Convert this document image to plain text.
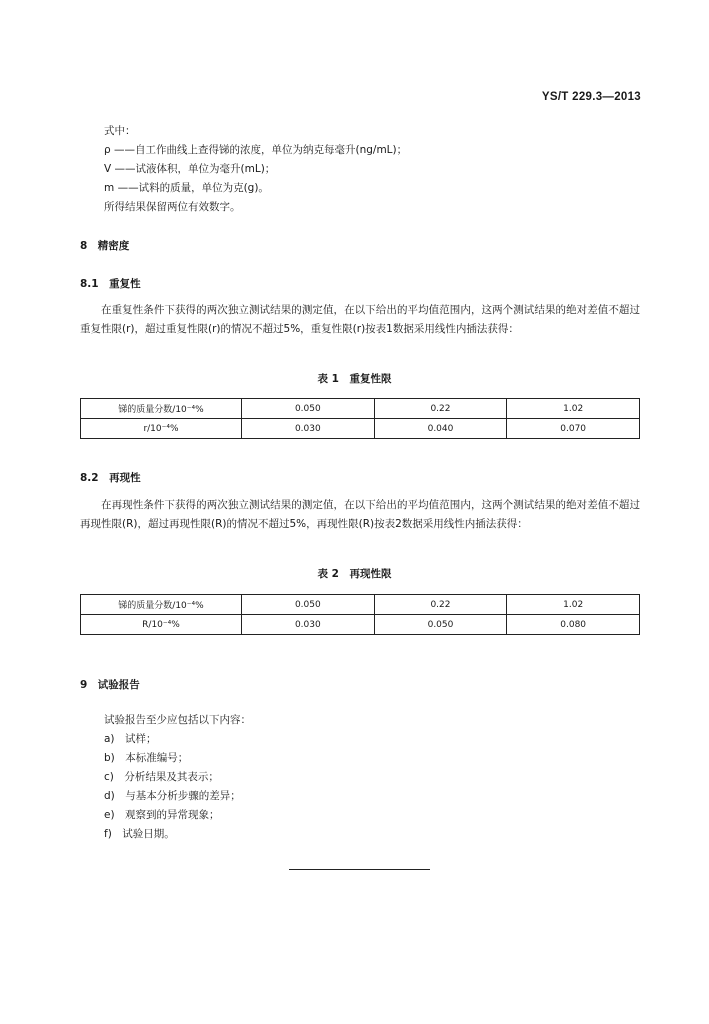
YS/T 229.3—2013
式中：
ρ ——自工作曲线上查得锑的浓度，单位为纳克每毫升(ng/mL)；
V ——试液体积，单位为毫升(mL)；
m ——试料的质量，单位为克(g)。
所得结果保留两位有效数字。
8　精密度
8.1　重复性
在重复性条件下获得的两次独立测试结果的测定值，在以下给出的平均值范围内，这两个测试结果的绝对差值不超过重复性限(r)，超过重复性限(r)的情况不超过5%，重复性限(r)按表1数据采用线性内插法获得：
表 1　重复性限
锑的质量分数/10⁻⁴%	0.050	0.22	1.02
r/10⁻⁴%	0.030	0.040	0.070
8.2　再现性
在再现性条件下获得的两次独立测试结果的测定值，在以下给出的平均值范围内，这两个测试结果的绝对差值不超过再现性限(R)，超过再现性限(R)的情况不超过5%，再现性限(R)按表2数据采用线性内插法获得：
表 2　再现性限
锑的质量分数/10⁻⁴%	0.050	0.22	1.02
R/10⁻⁴%	0.030	0.050	0.080
9　试验报告
试验报告至少应包括以下内容：
a)　试样；
b)　本标准编号；
c)　分析结果及其表示；
d)　与基本分析步骤的差异；
e)　观察到的异常现象；
f)　试验日期。
